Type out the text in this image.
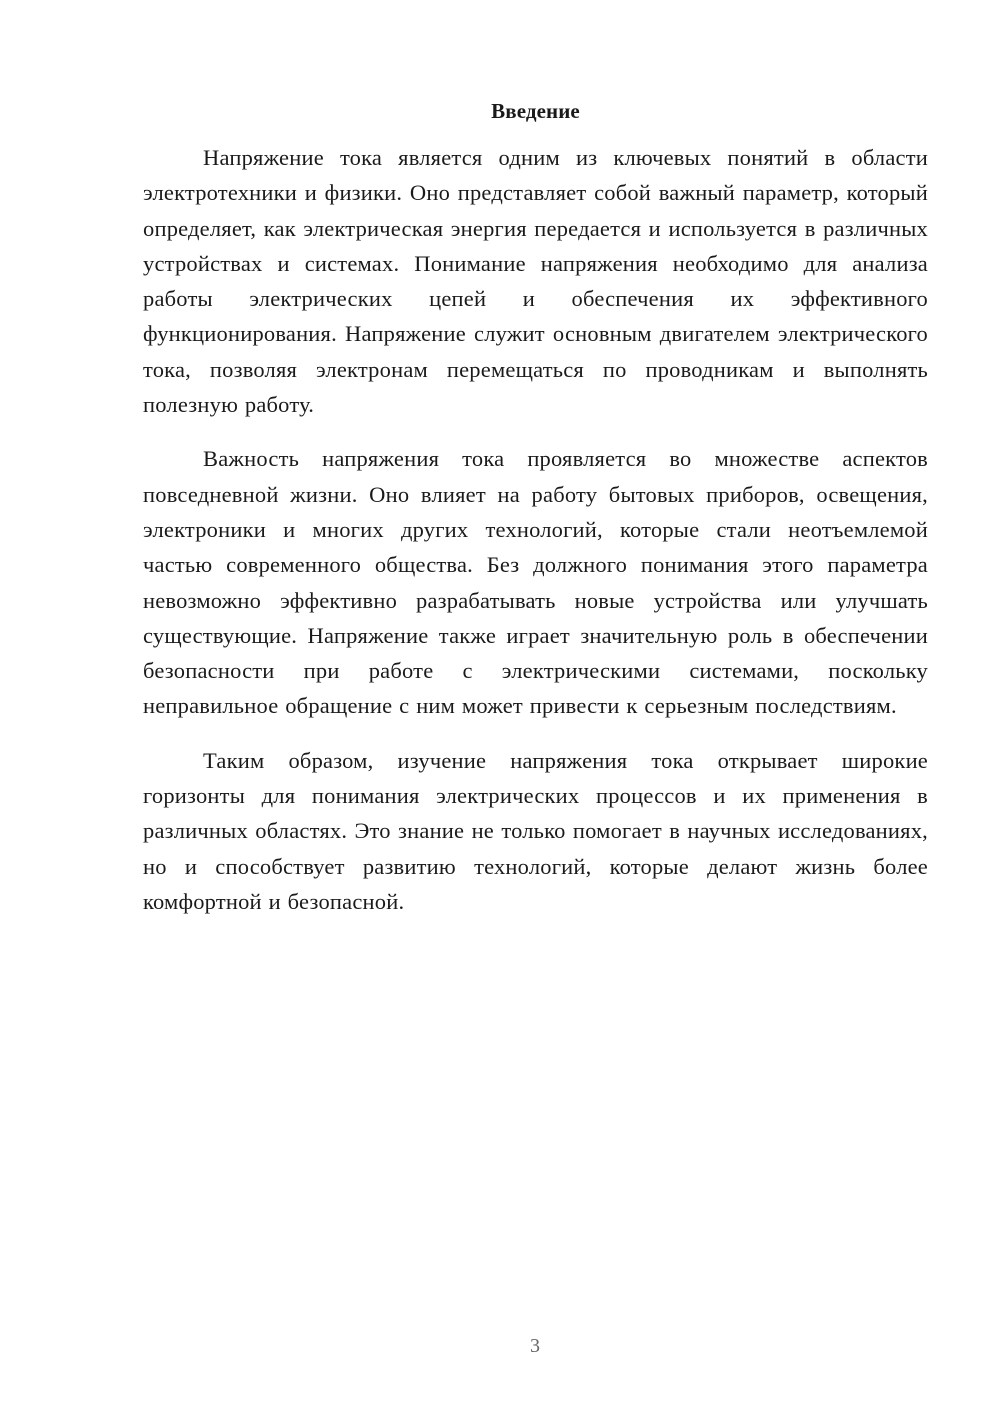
Введение

Напряжение тока является одним из ключевых понятий в области электротехники и физики. Оно представляет собой важный параметр, который определяет, как электрическая энергия передается и используется в различных устройствах и системах. Понимание напряжения необходимо для анализа работы электрических цепей и обеспечения их эффективного функционирования. Напряжение служит основным двигателем электрического тока, позволяя электронам перемещаться по проводникам и выполнять полезную работу.

Важность напряжения тока проявляется во множестве аспектов повседневной жизни. Оно влияет на работу бытовых приборов, освещения, электроники и многих других технологий, которые стали неотъемлемой частью современного общества. Без должного понимания этого параметра невозможно эффективно разрабатывать новые устройства или улучшать существующие. Напряжение также играет значительную роль в обеспечении безопасности при работе с электрическими системами, поскольку неправильное обращение с ним может привести к серьезным последствиям.

Таким образом, изучение напряжения тока открывает широкие горизонты для понимания электрических процессов и их применения в различных областях. Это знание не только помогает в научных исследованиях, но и способствует развитию технологий, которые делают жизнь более комфортной и безопасной.

3
